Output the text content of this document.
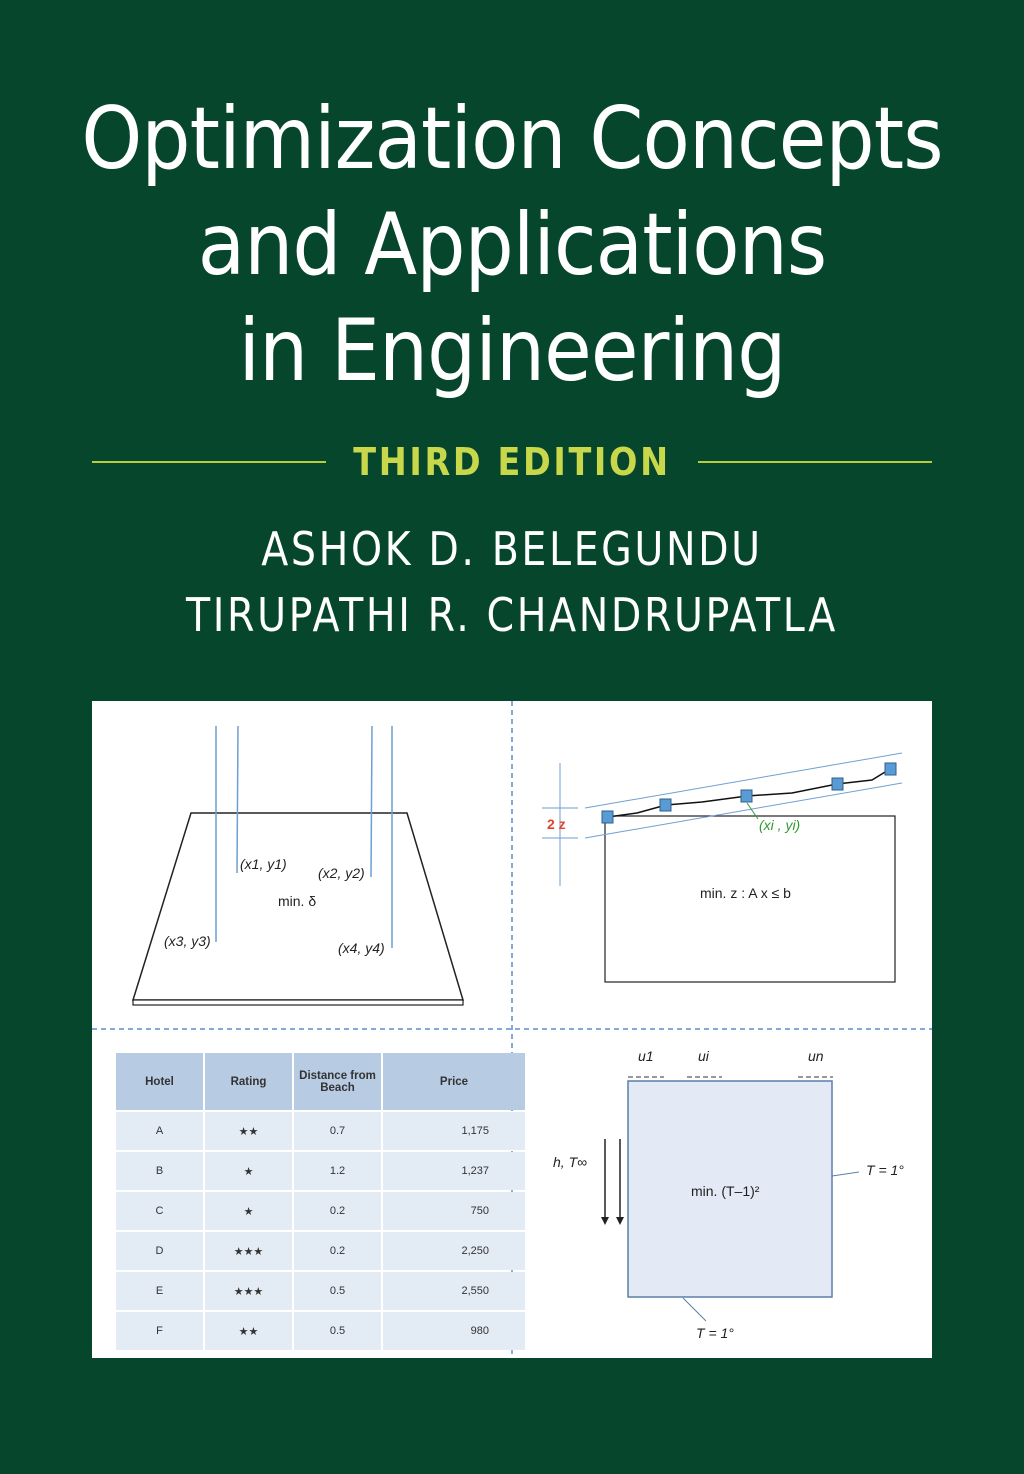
Optimization Concepts
and Applications
in Engineering
THIRD EDITION
ASHOK D. BELEGUNDU
TIRUPATHI R. CHANDRUPATLA
(x1, y1)
(x2, y2)
(x3, y3)	(x4, y4)
min. δ
2 z	(xi , yi)
min. z : A x ≤ b
u1	ui	un
h, T∞
min. (T–1)²
T = 1°
T = 1°
Hotel	Rating	Distance from Beach	Price
A	★★	0.7	1,175
B	★	1.2	1,237
C	★	0.2	750
D	★★★	0.2	2,250
E	★★★	0.5	2,550
F	★★	0.5	980
